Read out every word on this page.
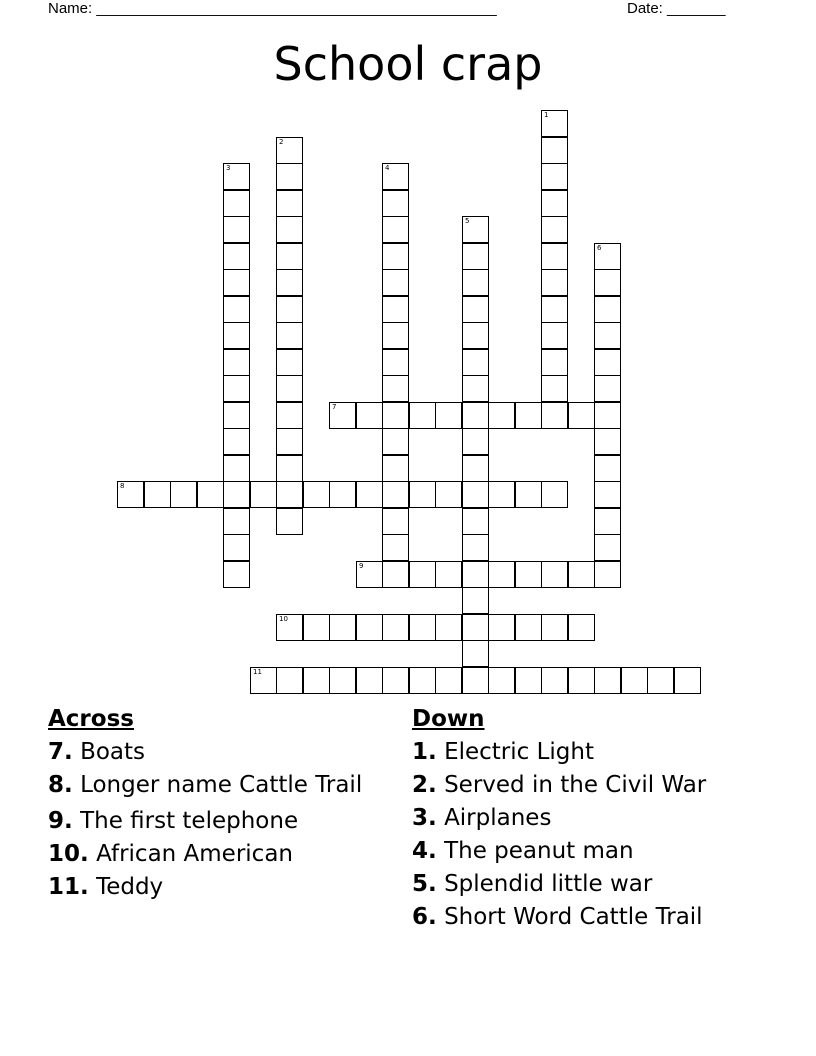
Name: ________________________________________________	Date: _______
School crap
1
2
3	4
5
6
7
8
9
10
11
Across
7. Boats
8. Longer name Cattle Trail
9. The first telephone
10. African American
11. Teddy
Down
1. Electric Light
2. Served in the Civil War
3. Airplanes
4. The peanut man
5. Splendid little war
6. Short Word Cattle Trail
